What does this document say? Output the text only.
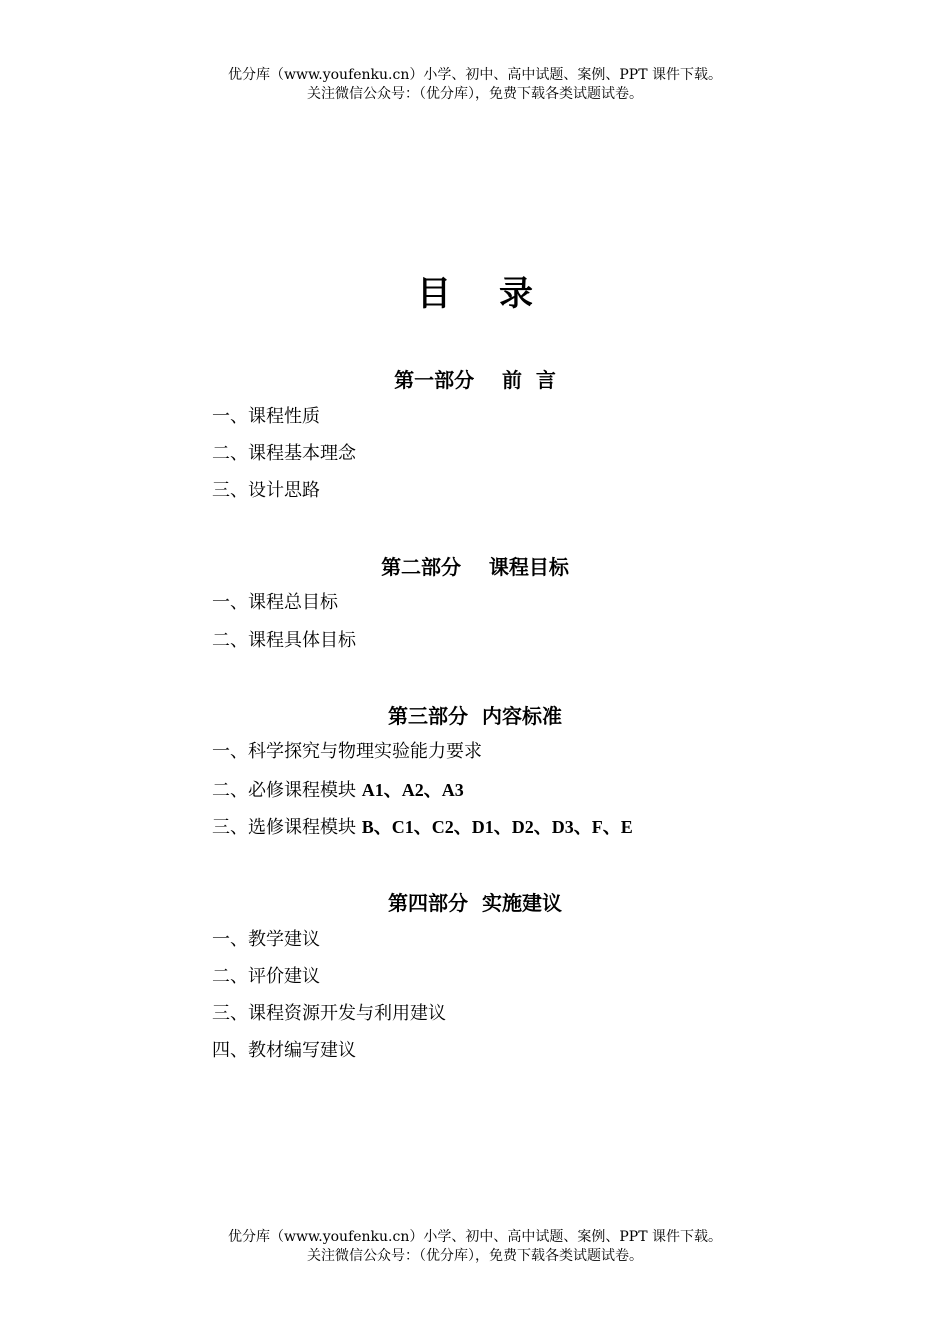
优分库（www.youfenku.cn）小学、初中、高中试题、案例、PPT 课件下载。
关注微信公众号：（优分库），免费下载各类试题试卷。
目录
第一部分    前  言
一、课程性质
二、课程基本理念
三、设计思路
第二部分    课程目标
一、课程总目标
二、课程具体目标
第三部分  内容标准
一、科学探究与物理实验能力要求
二、必修课程模块 A1、A2、A3
三、选修课程模块 B、C1、C2、D1、D2、D3、F、E
第四部分  实施建议
一、教学建议
二、评价建议
三、课程资源开发与利用建议
四、教材编写建议
优分库（www.youfenku.cn）小学、初中、高中试题、案例、PPT 课件下载。
关注微信公众号：（优分库），免费下载各类试题试卷。
